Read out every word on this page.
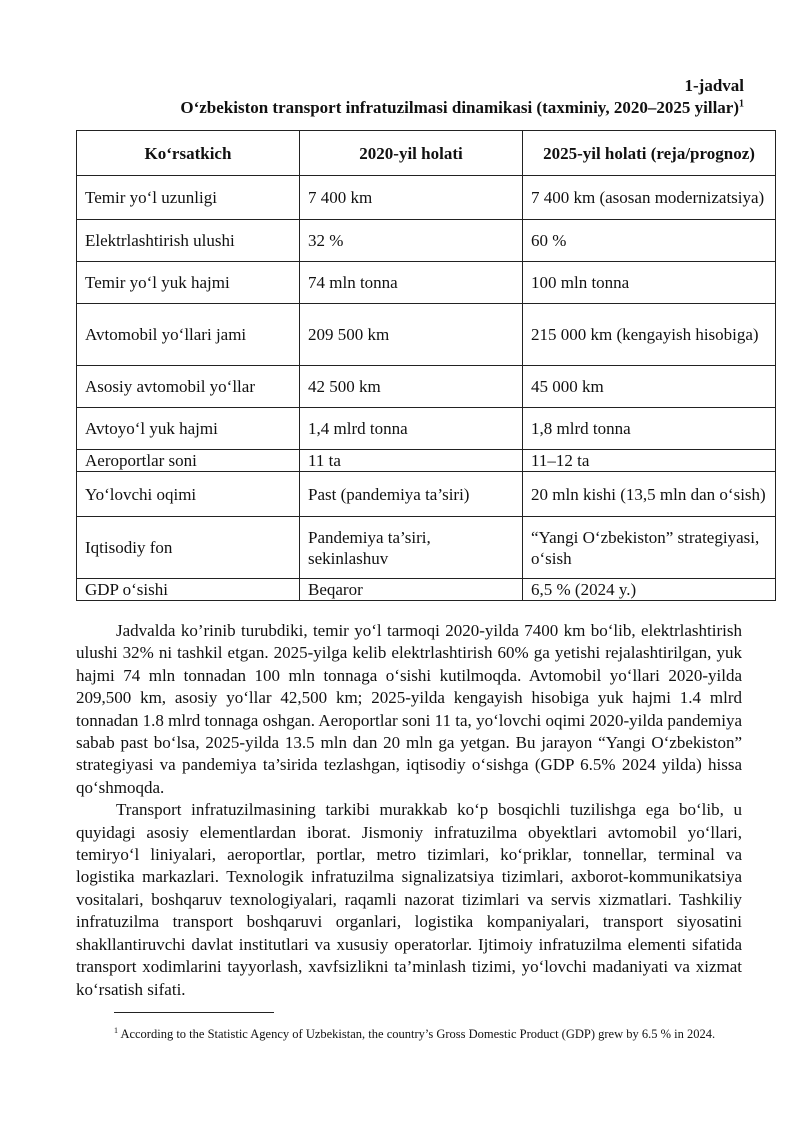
1-jadval
O‘zbekiston transport infratuzilmasi dinamikasi (taxminiy, 2020–2025 yillar)$^1$
Ko‘rsatkich	2020-yil holati	2025-yil holati (reja/prognoz)
Temir yo‘l uzunligi	7 400 km	7 400 km (asosan modernizatsiya)
Elektrlashtirish ulushi	32 %	60 %
Temir yo‘l yuk hajmi	74 mln tonna	100 mln tonna
Avtomobil yo‘llari jami	209 500 km	215 000 km (kengayish hisobiga)
Asosiy avtomobil yo‘llar	42 500 km	45 000 km
Avtoyo‘l yuk hajmi	1,4 mlrd tonna	1,8 mlrd tonna
Aeroportlar soni	11 ta	11–12 ta
Yo‘lovchi oqimi	Past (pandemiya ta’siri)	20 mln kishi (13,5 mln dan o‘sish)
Iqtisodiy fon	Pandemiya ta’siri, sekinlashuv	“Yangi O‘zbekiston” strategiyasi, o‘sish
GDP o‘sishi	Beqaror	6,5 % (2024 y.)

Jadvalda ko’rinib turubdiki, temir yo‘l tarmoqi 2020-yilda 7400 km bo‘lib, elektrlashtirish ulushi 32% ni tashkil etgan. 2025-yilga kelib elektrlashtirish 60% ga yetishi rejalashtirilgan, yuk hajmi 74 mln tonnadan 100 mln tonnaga o‘sishi kutilmoqda. Avtomobil yo‘llari 2020-yilda 209,500 km, asosiy yo‘llar 42,500 km; 2025-yilda kengayish hisobiga yuk hajmi 1.4 mlrd tonnadan 1.8 mlrd tonnaga oshgan. Aeroportlar soni 11 ta, yo‘lovchi oqimi 2020-yilda pandemiya sabab past bo‘lsa, 2025-yilda 13.5 mln dan 20 mln ga yetgan. Bu jarayon “Yangi O‘zbekiston” strategiyasi va pandemiya ta’sirida tezlashgan, iqtisodiy o‘sishga (GDP 6.5% 2024 yilda) hissa qo‘shmoqda.

Transport infratuzilmasining tarkibi murakkab ko‘p bosqichli tuzilishga ega bo‘lib, u quyidagi asosiy elementlardan iborat. Jismoniy infratuzilma obyektlari avtomobil yo‘llari, temiryo‘l liniyalari, aeroportlar, portlar, metro tizimlari, ko‘priklar, tonnellar, terminal va logistika markazlari. Texnologik infratuzilma signalizatsiya tizimlari, axborot-kommunikatsiya vositalari, boshqaruv texnologiyalari, raqamli nazorat tizimlari va servis xizmatlari. Tashkiliy infratuzilma transport boshqaruvi organlari, logistika kompaniyalari, transport siyosatini shakllantiruvchi davlat institutlari va xususiy operatorlar. Ijtimoiy infratuzilma elementi sifatida transport xodimlarini tayyorlash, xavfsizlikni ta’minlash tizimi, yo‘lovchi madaniyati va xizmat ko‘rsatish sifati.

$^1$ According to the Statistic Agency of Uzbekistan, the country’s Gross Domestic Product (GDP) grew by 6.5 % in 2024.
